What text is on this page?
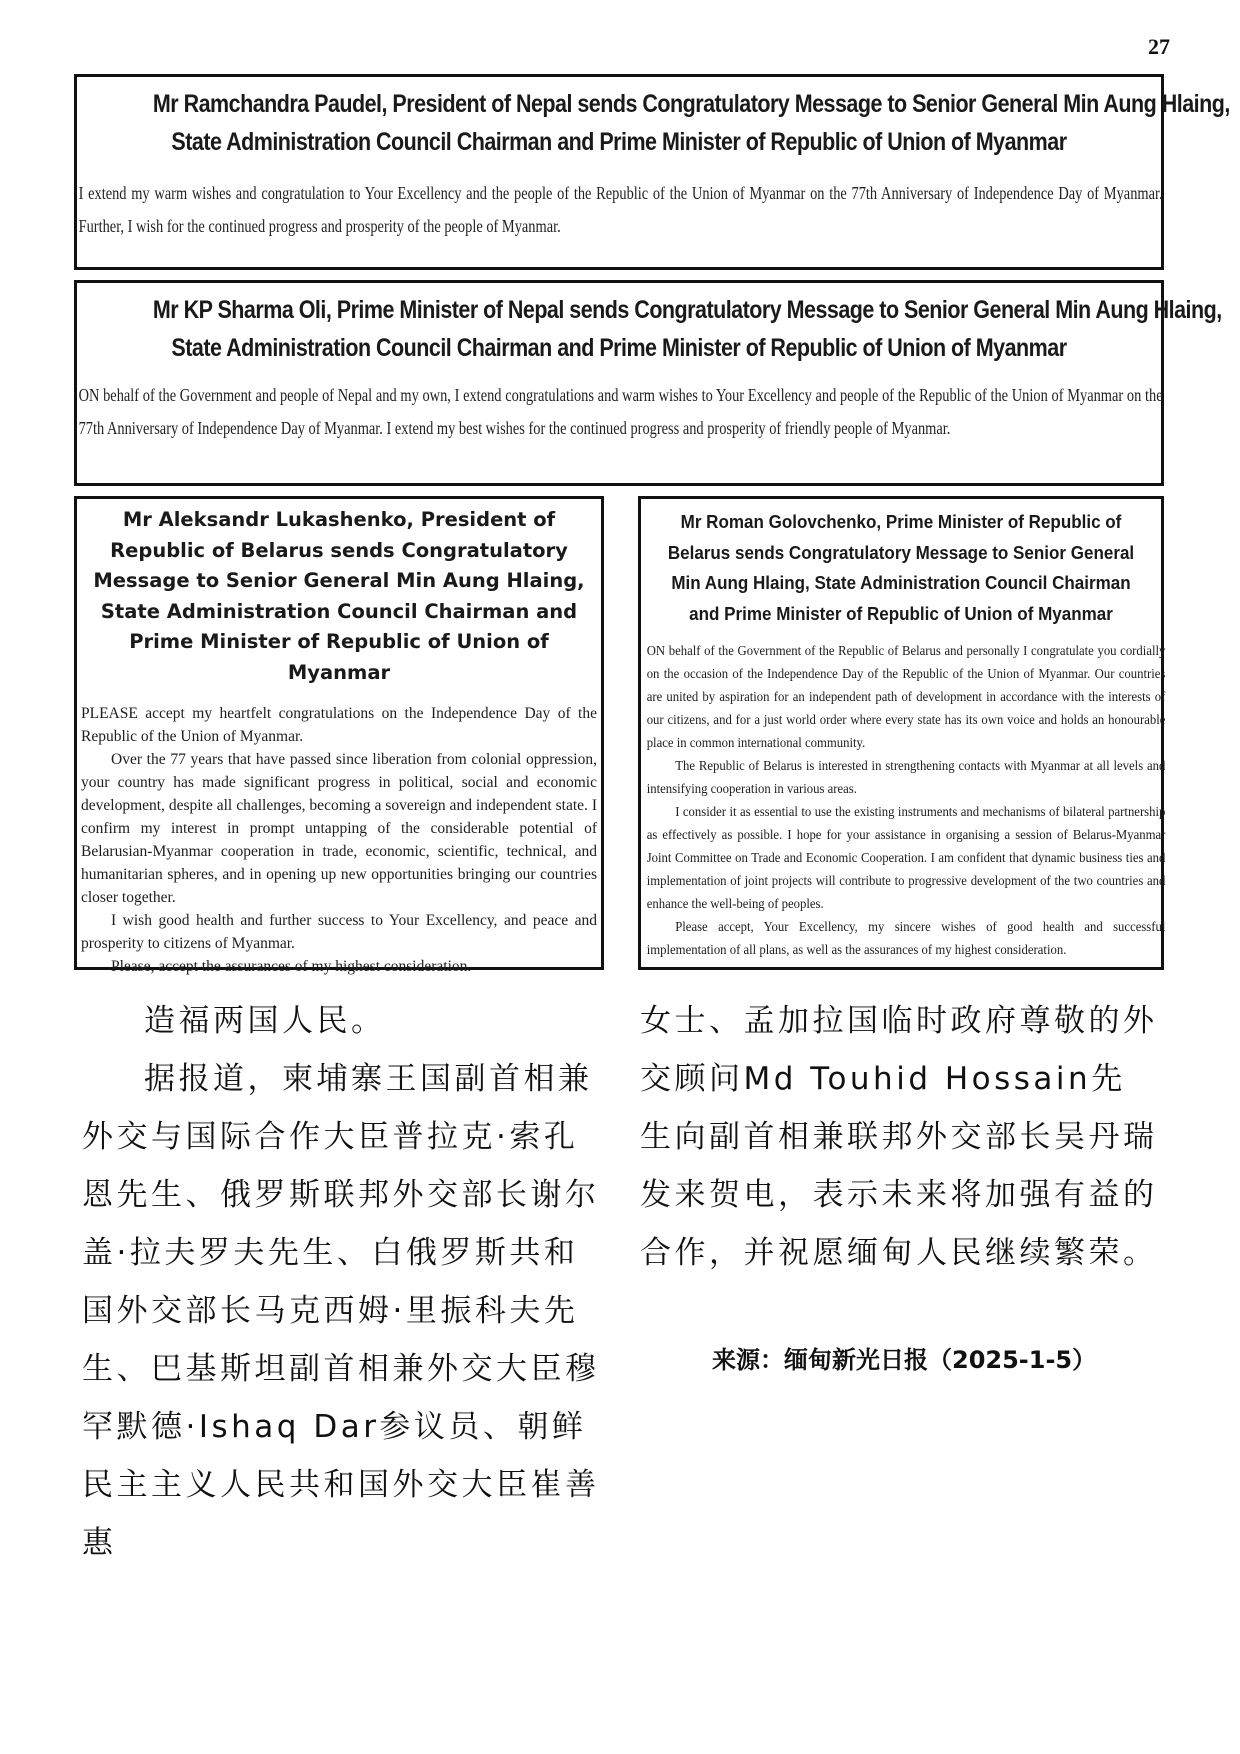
27
Mr Ramchandra Paudel, President of Nepal sends Congratulatory Message to Senior General Min Aung Hlaing,
State Administration Council Chairman and Prime Minister of Republic of Union of Myanmar
I extend my warm wishes and congratulation to Your Excellency and the people of the Republic of the Union of Myanmar on the 77th Anniversary of Independence Day of Myanmar. Further, I wish for the continued progress and prosperity of the people of Myanmar.
Mr KP Sharma Oli, Prime Minister of Nepal sends Congratulatory Message to Senior General Min Aung Hlaing,
State Administration Council Chairman and Prime Minister of Republic of Union of Myanmar
ON behalf of the Government and people of Nepal and my own, I extend congratulations and warm wishes to Your Excellency and people of the Republic of the Union of Myanmar on the 77th Anniversary of Independence Day of Myanmar. I extend my best wishes for the continued progress and prosperity of friendly people of Myanmar.
Mr Aleksandr Lukashenko, President of Republic of Belarus sends Congratulatory Message to Senior General Min Aung Hlaing, State Administration Council Chairman and Prime Minister of Republic of Union of Myanmar

PLEASE accept my heartfelt congratulations on the Independence Day of the Republic of the Union of Myanmar.

Over the 77 years that have passed since liberation from colonial oppression, your country has made significant progress in political, social and economic development, despite all challenges, becoming a sovereign and independent state. I confirm my interest in prompt untapping of the considerable potential of Belarusian-Myanmar cooperation in trade, economic, scientific, technical, and humanitarian spheres, and in opening up new opportunities bringing our countries closer together.

I wish good health and further success to Your Excellency, and peace and prosperity to citizens of Myanmar.

Please, accept the assurances of my highest consideration.

Mr Roman Golovchenko, Prime Minister of Republic of Belarus sends Congratulatory Message to Senior General Min Aung Hlaing, State Administration Council Chairman and Prime Minister of Republic of Union of Myanmar

ON behalf of the Government of the Republic of Belarus and personally I congratulate you cordially on the occasion of the Independence Day of the Republic of the Union of Myanmar. Our countries are united by aspiration for an independent path of development in accordance with the interests of our citizens, and for a just world order where every state has its own voice and holds an honourable place in common international community.

The Republic of Belarus is interested in strengthening contacts with Myanmar at all levels and intensifying cooperation in various areas.

I consider it as essential to use the existing instruments and mechanisms of bilateral partnership as effectively as possible. I hope for your assistance in organising a session of Belarus-Myanmar Joint Committee on Trade and Economic Cooperation. I am confident that dynamic business ties and implementation of joint projects will contribute to progressive development of the two countries and enhance the well-being of peoples.

Please accept, Your Excellency, my sincere wishes of good health and successful implementation of all plans, as well as the assurances of my highest consideration.

造福两国人民。

据报道，柬埔寨王国副首相兼外交与国际合作大臣普拉克·索孔恩先生、俄罗斯联邦外交部长谢尔盖·拉夫罗夫先生、白俄罗斯共和国外交部长马克西姆·里振科夫先生、巴基斯坦副首相兼外交大臣穆罕默德·Ishaq Dar参议员、朝鲜民主主义人民共和国外交大臣崔善惠

女士、孟加拉国临时政府尊敬的外交顾问Md Touhid Hossain先生向副首相兼联邦外交部长吴丹瑞发来贺电，表示未来将加强有益的合作，并祝愿缅甸人民继续繁荣。

来源：缅甸新光日报（2025-1-5）
